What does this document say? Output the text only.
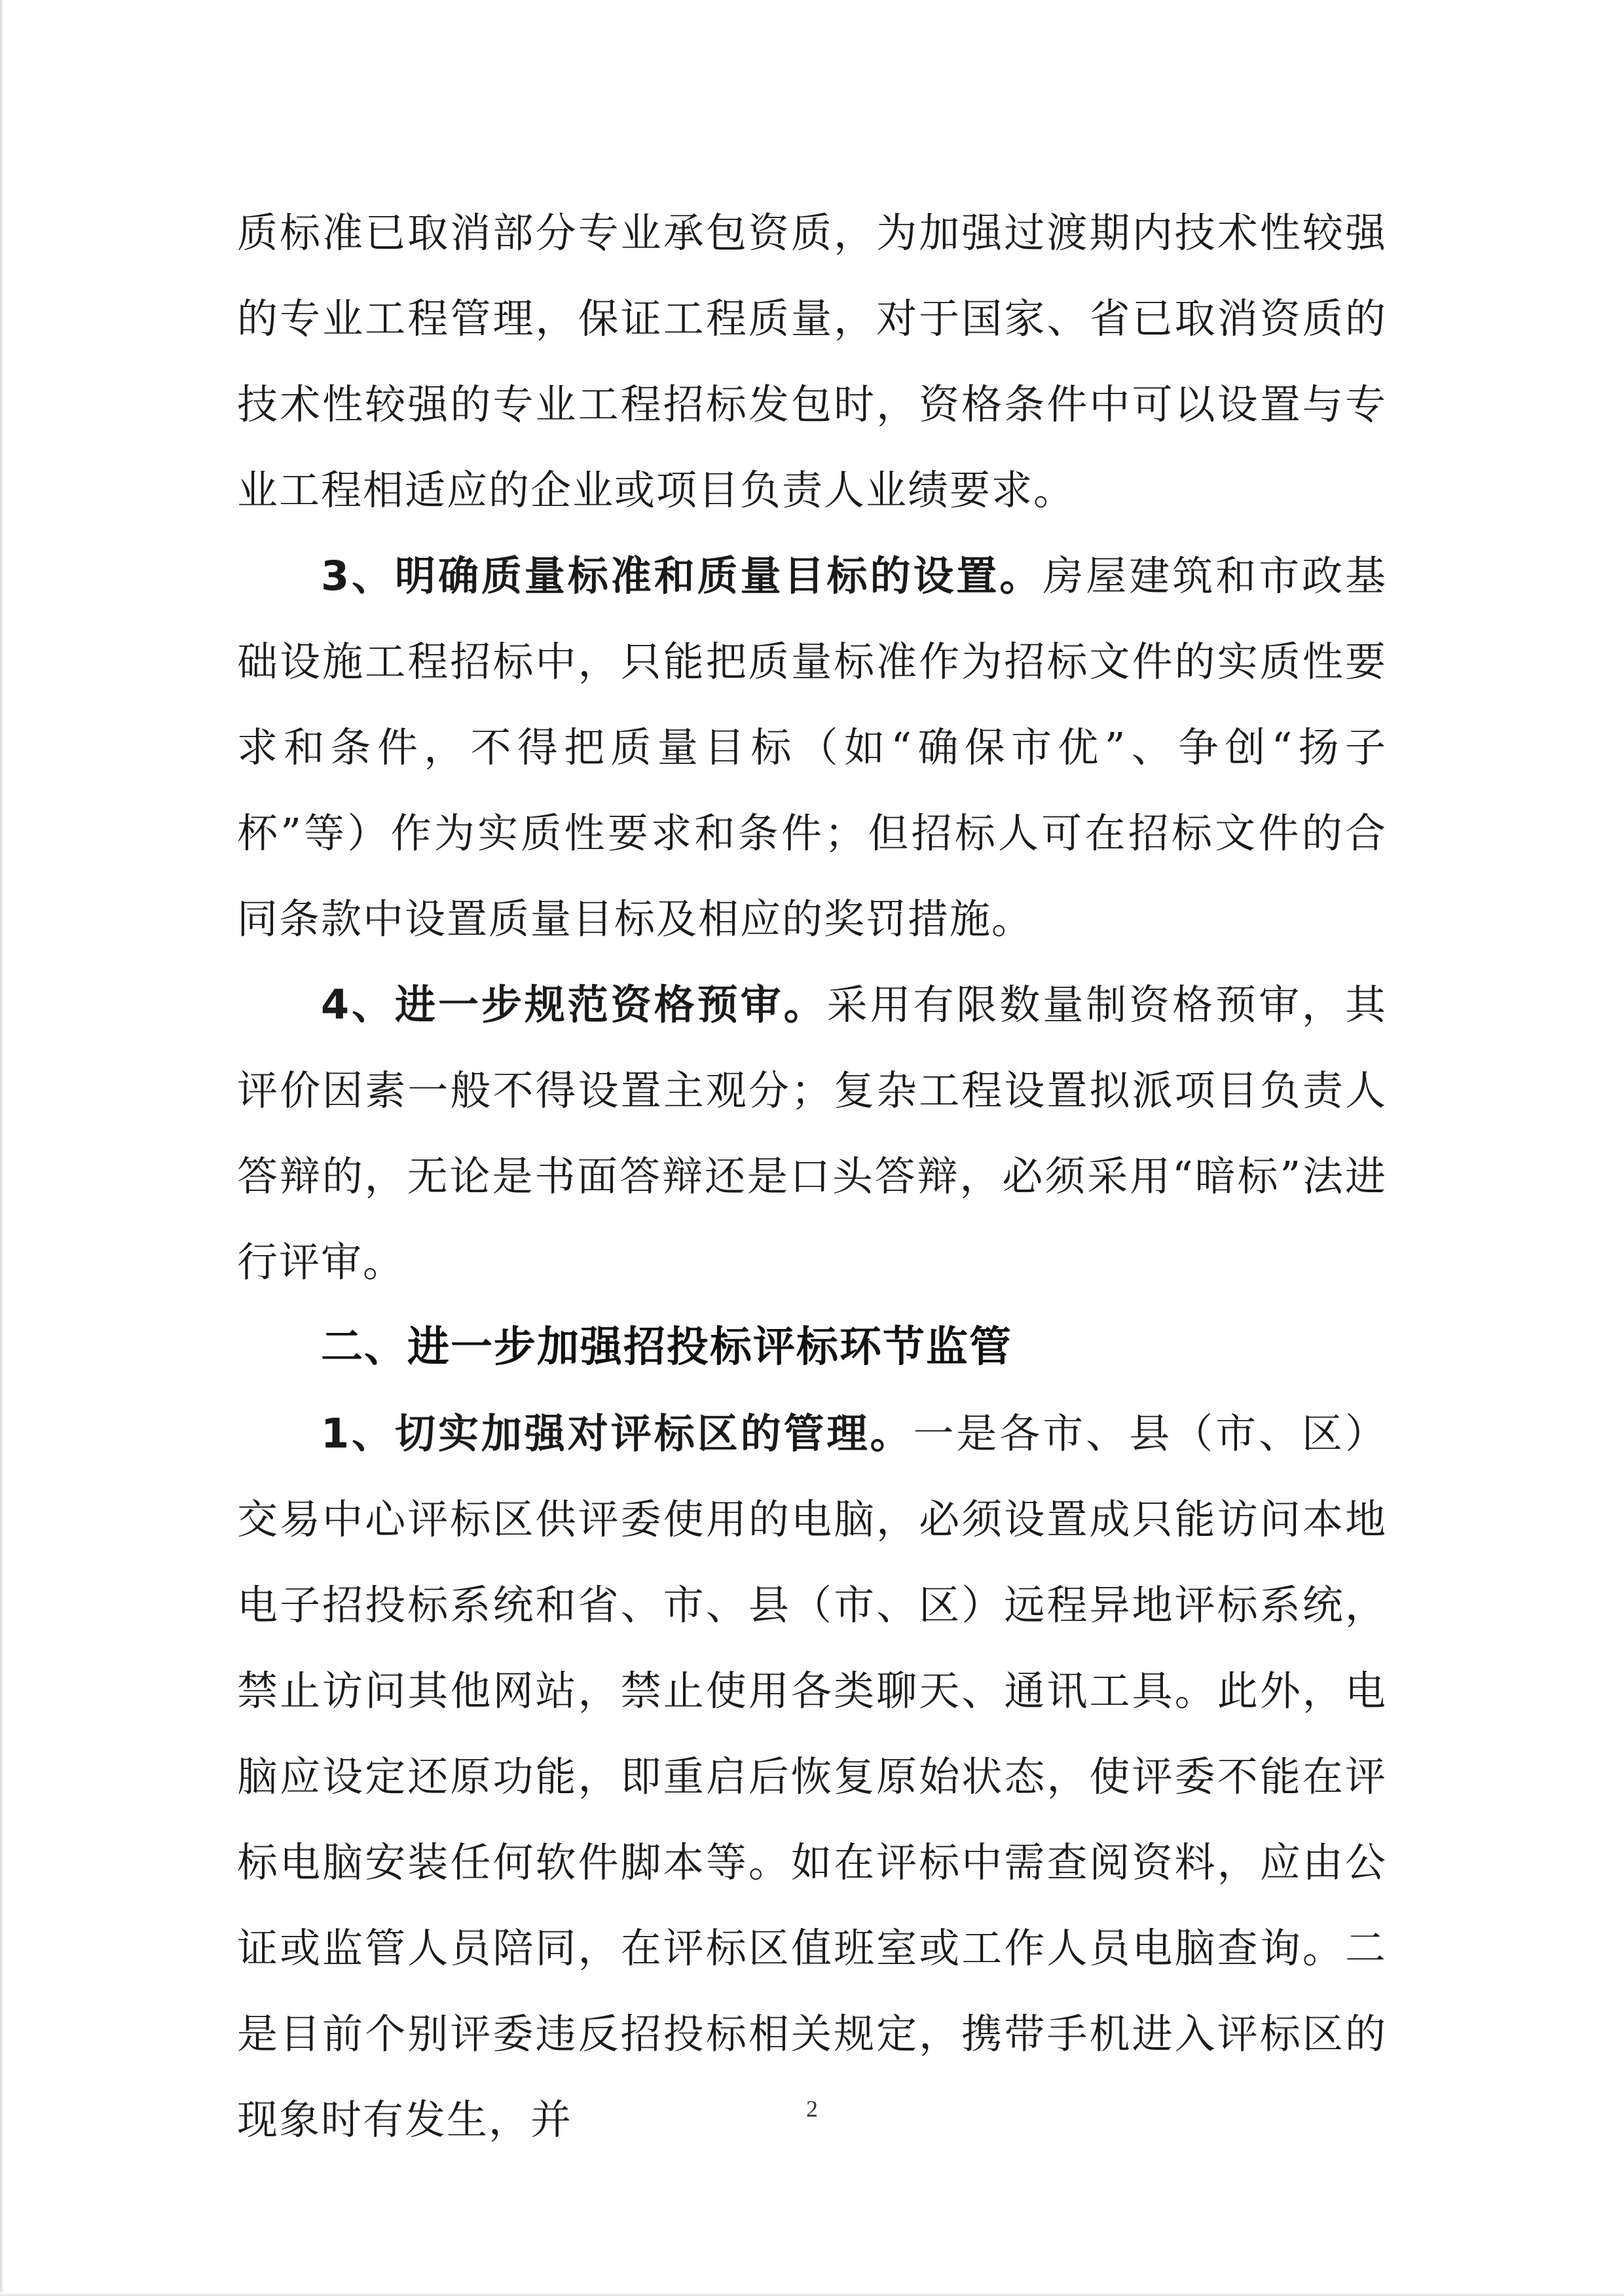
质标准已取消部分专业承包资质，为加强过渡期内技术性较强的专业工程管理，保证工程质量，对于国家、省已取消资质的技术性较强的专业工程招标发包时，资格条件中可以设置与专业工程相适应的企业或项目负责人业绩要求。

3、明确质量标准和质量目标的设置。房屋建筑和市政基础设施工程招标中，只能把质量标准作为招标文件的实质性要求和条件，不得把质量目标（如“确保市优”、争创“扬子杯”等）作为实质性要求和条件；但招标人可在招标文件的合同条款中设置质量目标及相应的奖罚措施。

4、进一步规范资格预审。采用有限数量制资格预审，其评价因素一般不得设置主观分；复杂工程设置拟派项目负责人答辩的，无论是书面答辩还是口头答辩，必须采用“暗标”法进行评审。

二、进一步加强招投标评标环节监管

1、切实加强对评标区的管理。一是各市、县（市、区）交易中心评标区供评委使用的电脑，必须设置成只能访问本地电子招投标系统和省、市、县（市、区）远程异地评标系统，禁止访问其他网站，禁止使用各类聊天、通讯工具。此外，电脑应设定还原功能，即重启后恢复原始状态，使评委不能在评标电脑安装任何软件脚本等。如在评标中需查阅资料，应由公证或监管人员陪同，在评标区值班室或工作人员电脑查询。二是目前个别评委违反招投标相关规定，携带手机进入评标区的现象时有发生，并	2
